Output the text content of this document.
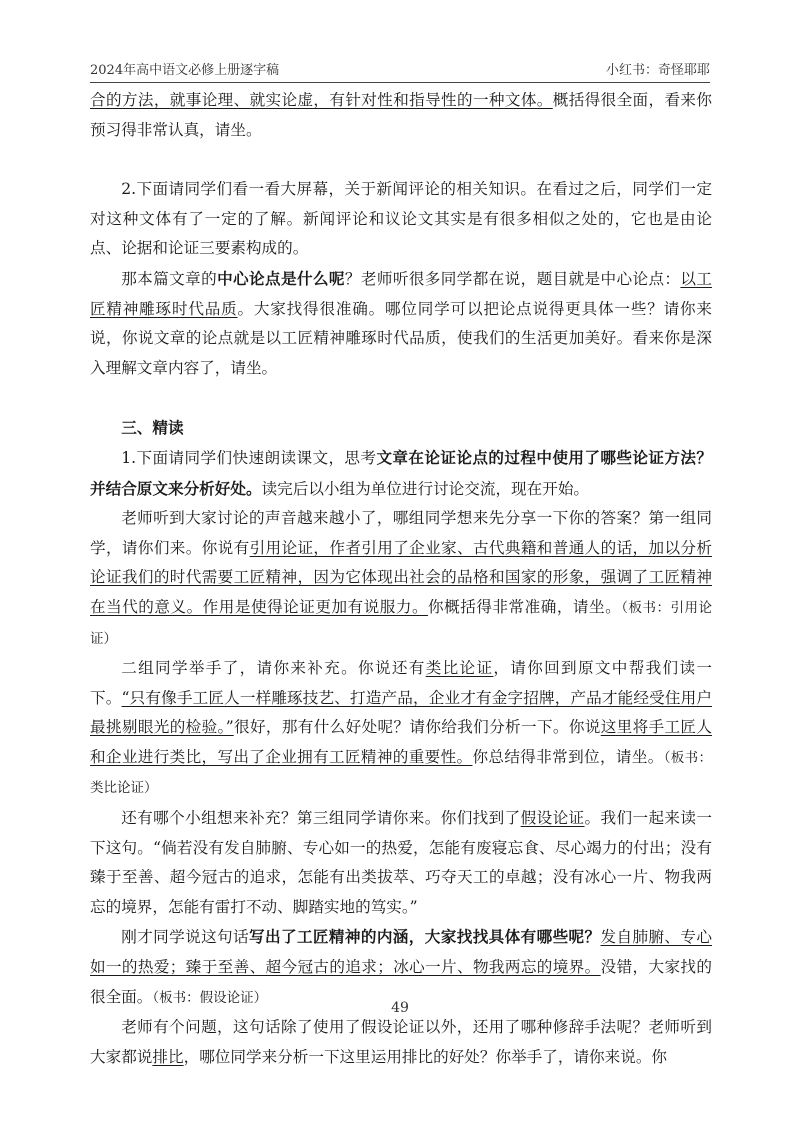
2024年高中语文必修上册逐字稿	小红书：奇怪耶耶

合的方法，就事论理、就实论虚，有针对性和指导性的一种文体。概括得很全面，看来你预习得非常认真，请坐。

2.下面请同学们看一看大屏幕，关于新闻评论的相关知识。在看过之后，同学们一定对这种文体有了一定的了解。新闻评论和议论文其实是有很多相似之处的，它也是由论点、论据和论证三要素构成的。

那本篇文章的中心论点是什么呢？老师听很多同学都在说，题目就是中心论点：以工匠精神雕琢时代品质。大家找得很准确。哪位同学可以把论点说得更具体一些？请你来说，你说文章的论点就是以工匠精神雕琢时代品质，使我们的生活更加美好。看来你是深入理解文章内容了，请坐。

三、精读

1.下面请同学们快速朗读课文，思考文章在论证论点的过程中使用了哪些论证方法？并结合原文来分析好处。读完后以小组为单位进行讨论交流，现在开始。

老师听到大家讨论的声音越来越小了，哪组同学想来先分享一下你的答案？第一组同学，请你们来。你说有引用论证，作者引用了企业家、古代典籍和普通人的话，加以分析论证我们的时代需要工匠精神，因为它体现出社会的品格和国家的形象，强调了工匠精神在当代的意义。作用是使得论证更加有说服力。你概括得非常准确，请坐。（板书：引用论证）

二组同学举手了，请你来补充。你说还有类比论证，请你回到原文中帮我们读一下。“只有像手工匠人一样雕琢技艺、打造产品，企业才有金字招牌，产品才能经受住用户最挑剔眼光的检验。”很好，那有什么好处呢？请你给我们分析一下。你说这里将手工匠人和企业进行类比，写出了企业拥有工匠精神的重要性。你总结得非常到位，请坐。（板书：类比论证）

还有哪个小组想来补充？第三组同学请你来。你们找到了假设论证。我们一起来读一下这句。“倘若没有发自肺腑、专心如一的热爱，怎能有废寝忘食、尽心竭力的付出；没有臻于至善、超今冠古的追求，怎能有出类拔萃、巧夺天工的卓越；没有冰心一片、物我两忘的境界，怎能有雷打不动、脚踏实地的笃实。”

刚才同学说这句话写出了工匠精神的内涵，大家找找具体有哪些呢？发自肺腑、专心如一的热爱；臻于至善、超今冠古的追求；冰心一片、物我两忘的境界。没错，大家找的很全面。（板书：假设论证）

老师有个问题，这句话除了使用了假设论证以外，还用了哪种修辞手法呢？老师听到大家都说排比，哪位同学来分析一下这里运用排比的好处？你举手了，请你来说。你

49
